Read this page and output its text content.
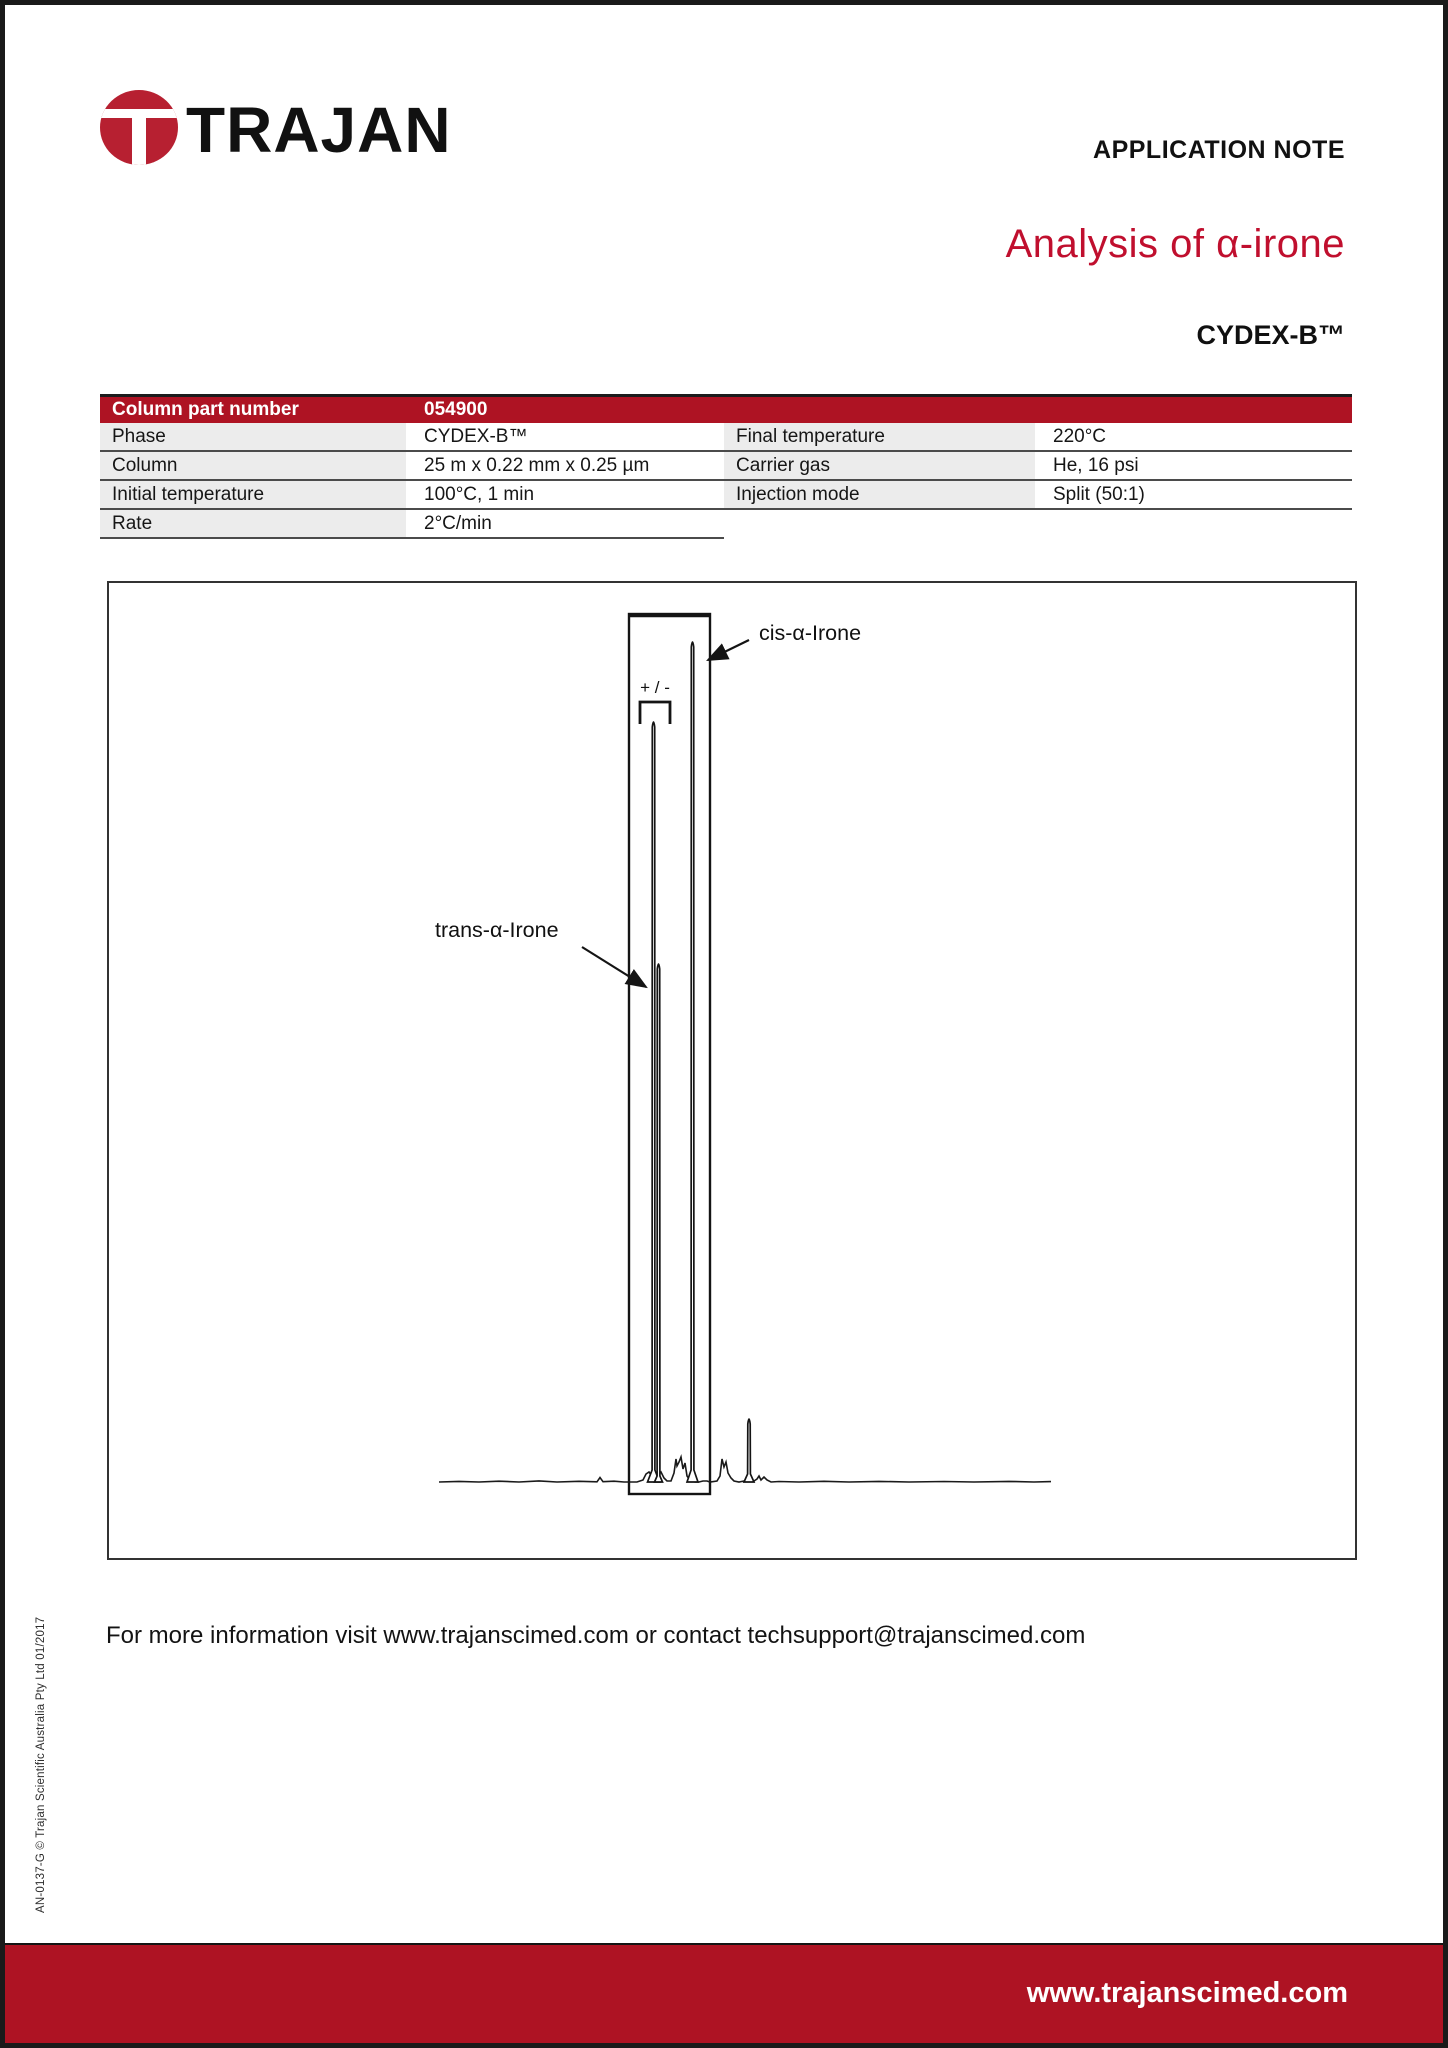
TRAJAN	APPLICATION NOTE
Analysis of α-irone
CYDEX-B™
Column part number	054900		
Phase	CYDEX-B™	Final temperature	220°C
Column	25 m x 0.22 mm x 0.25 µm	Carrier gas	He, 16 psi
Initial temperature	100°C, 1 min	Injection mode	Split (50:1)
Rate	2°C/min		
cis-α-Irone
trans-α-Irone
+ / -
For more information visit www.trajanscimed.com or contact techsupport@trajanscimed.com
AN-0137-G © Trajan Scientific Australia Pty Ltd 01/2017
www.trajanscimed.com
